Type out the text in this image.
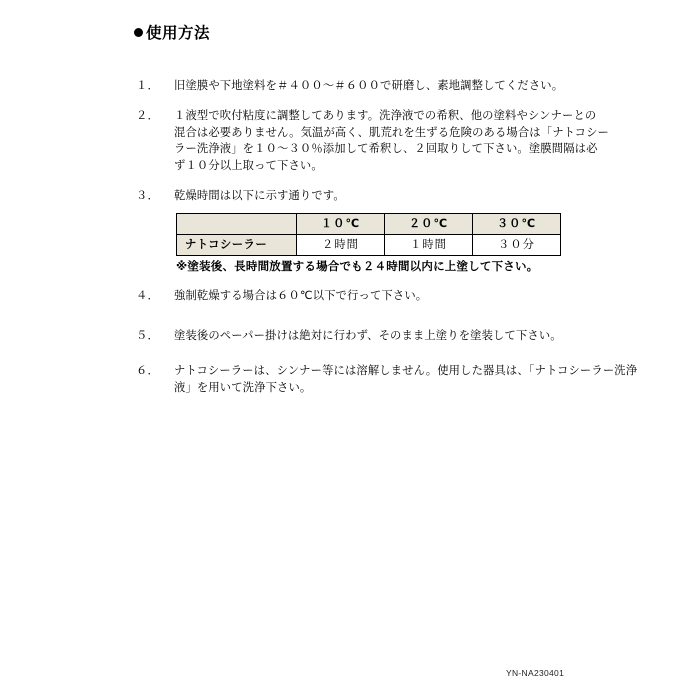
使用方法
１．	旧塗膜や下地塗料を＃４００～＃６００で研磨し、素地調整してください。
２．	１液型で吹付粘度に調整してあります。洗浄液での希釈、他の塗料やシンナーとの
混合は必要ありません。気温が高く、肌荒れを生ずる危険のある場合は「ナトコシー
ラー洗浄液」を１０～３０％添加して希釈し、２回取りして下さい。塗膜間隔は必
ず１０分以上取って下さい。
３．	乾燥時間は以下に示す通りです。
	１０℃	２０℃	３０℃
ナトコシーラー	２時間	１時間	３０分
※塗装後、長時間放置する場合でも２４時間以内に上塗して下さい。
４．	強制乾燥する場合は６０℃以下で行って下さい。
５．	塗装後のペーパー掛けは絶対に行わず、そのまま上塗りを塗装して下さい。
６．	ナトコシーラーは、シンナー等には溶解しません。使用した器具は、「ナトコシーラー洗浄
液」を用いて洗浄下さい。
YN-NA230401
